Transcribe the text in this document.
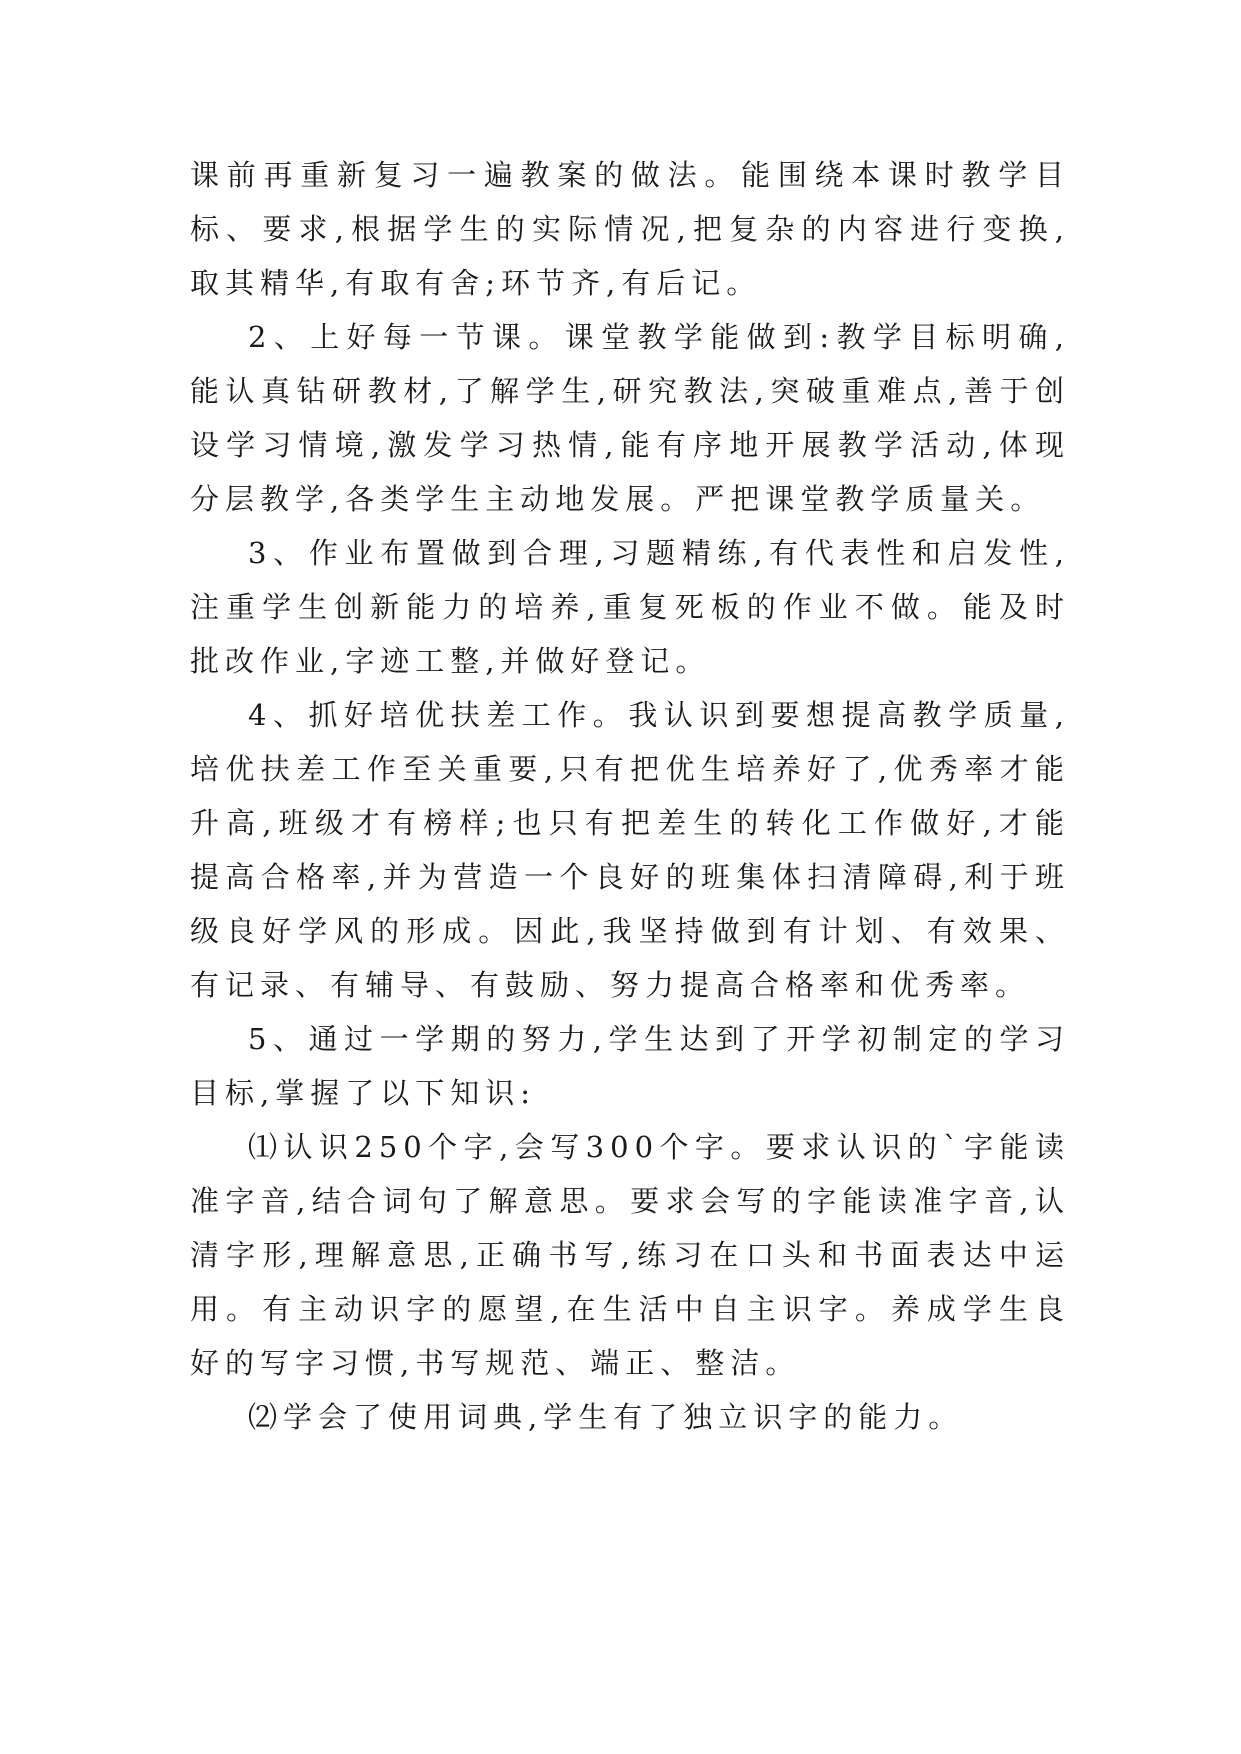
课前再重新复习一遍教案的做法。能围绕本课时教学目标、要求,根据学生的实际情况,把复杂的内容进行变换,取其精华,有取有舍;环节齐,有后记。

2、上好每一节课。课堂教学能做到:教学目标明确,能认真钻研教材,了解学生,研究教法,突破重难点,善于创设学习情境,激发学习热情,能有序地开展教学活动,体现分层教学,各类学生主动地发展。严把课堂教学质量关。

3、作业布置做到合理,习题精练,有代表性和启发性,注重学生创新能力的培养,重复死板的作业不做。能及时批改作业,字迹工整,并做好登记。

4、抓好培优扶差工作。我认识到要想提高教学质量,培优扶差工作至关重要,只有把优生培养好了,优秀率才能升高,班级才有榜样;也只有把差生的转化工作做好,才能提高合格率,并为营造一个良好的班集体扫清障碍,利于班级良好学风的形成。因此,我坚持做到有计划、有效果、有记录、有辅导、有鼓励、努力提高合格率和优秀率。

5、通过一学期的努力,学生达到了开学初制定的学习目标,掌握了以下知识:

⑴认识250个字,会写300个字。要求认识的`字能读准字音,结合词句了解意思。要求会写的字能读准字音,认清字形,理解意思,正确书写,练习在口头和书面表达中运用。有主动识字的愿望,在生活中自主识字。养成学生良好的写字习惯,书写规范、端正、整洁。

⑵学会了使用词典,学生有了独立识字的能力。
